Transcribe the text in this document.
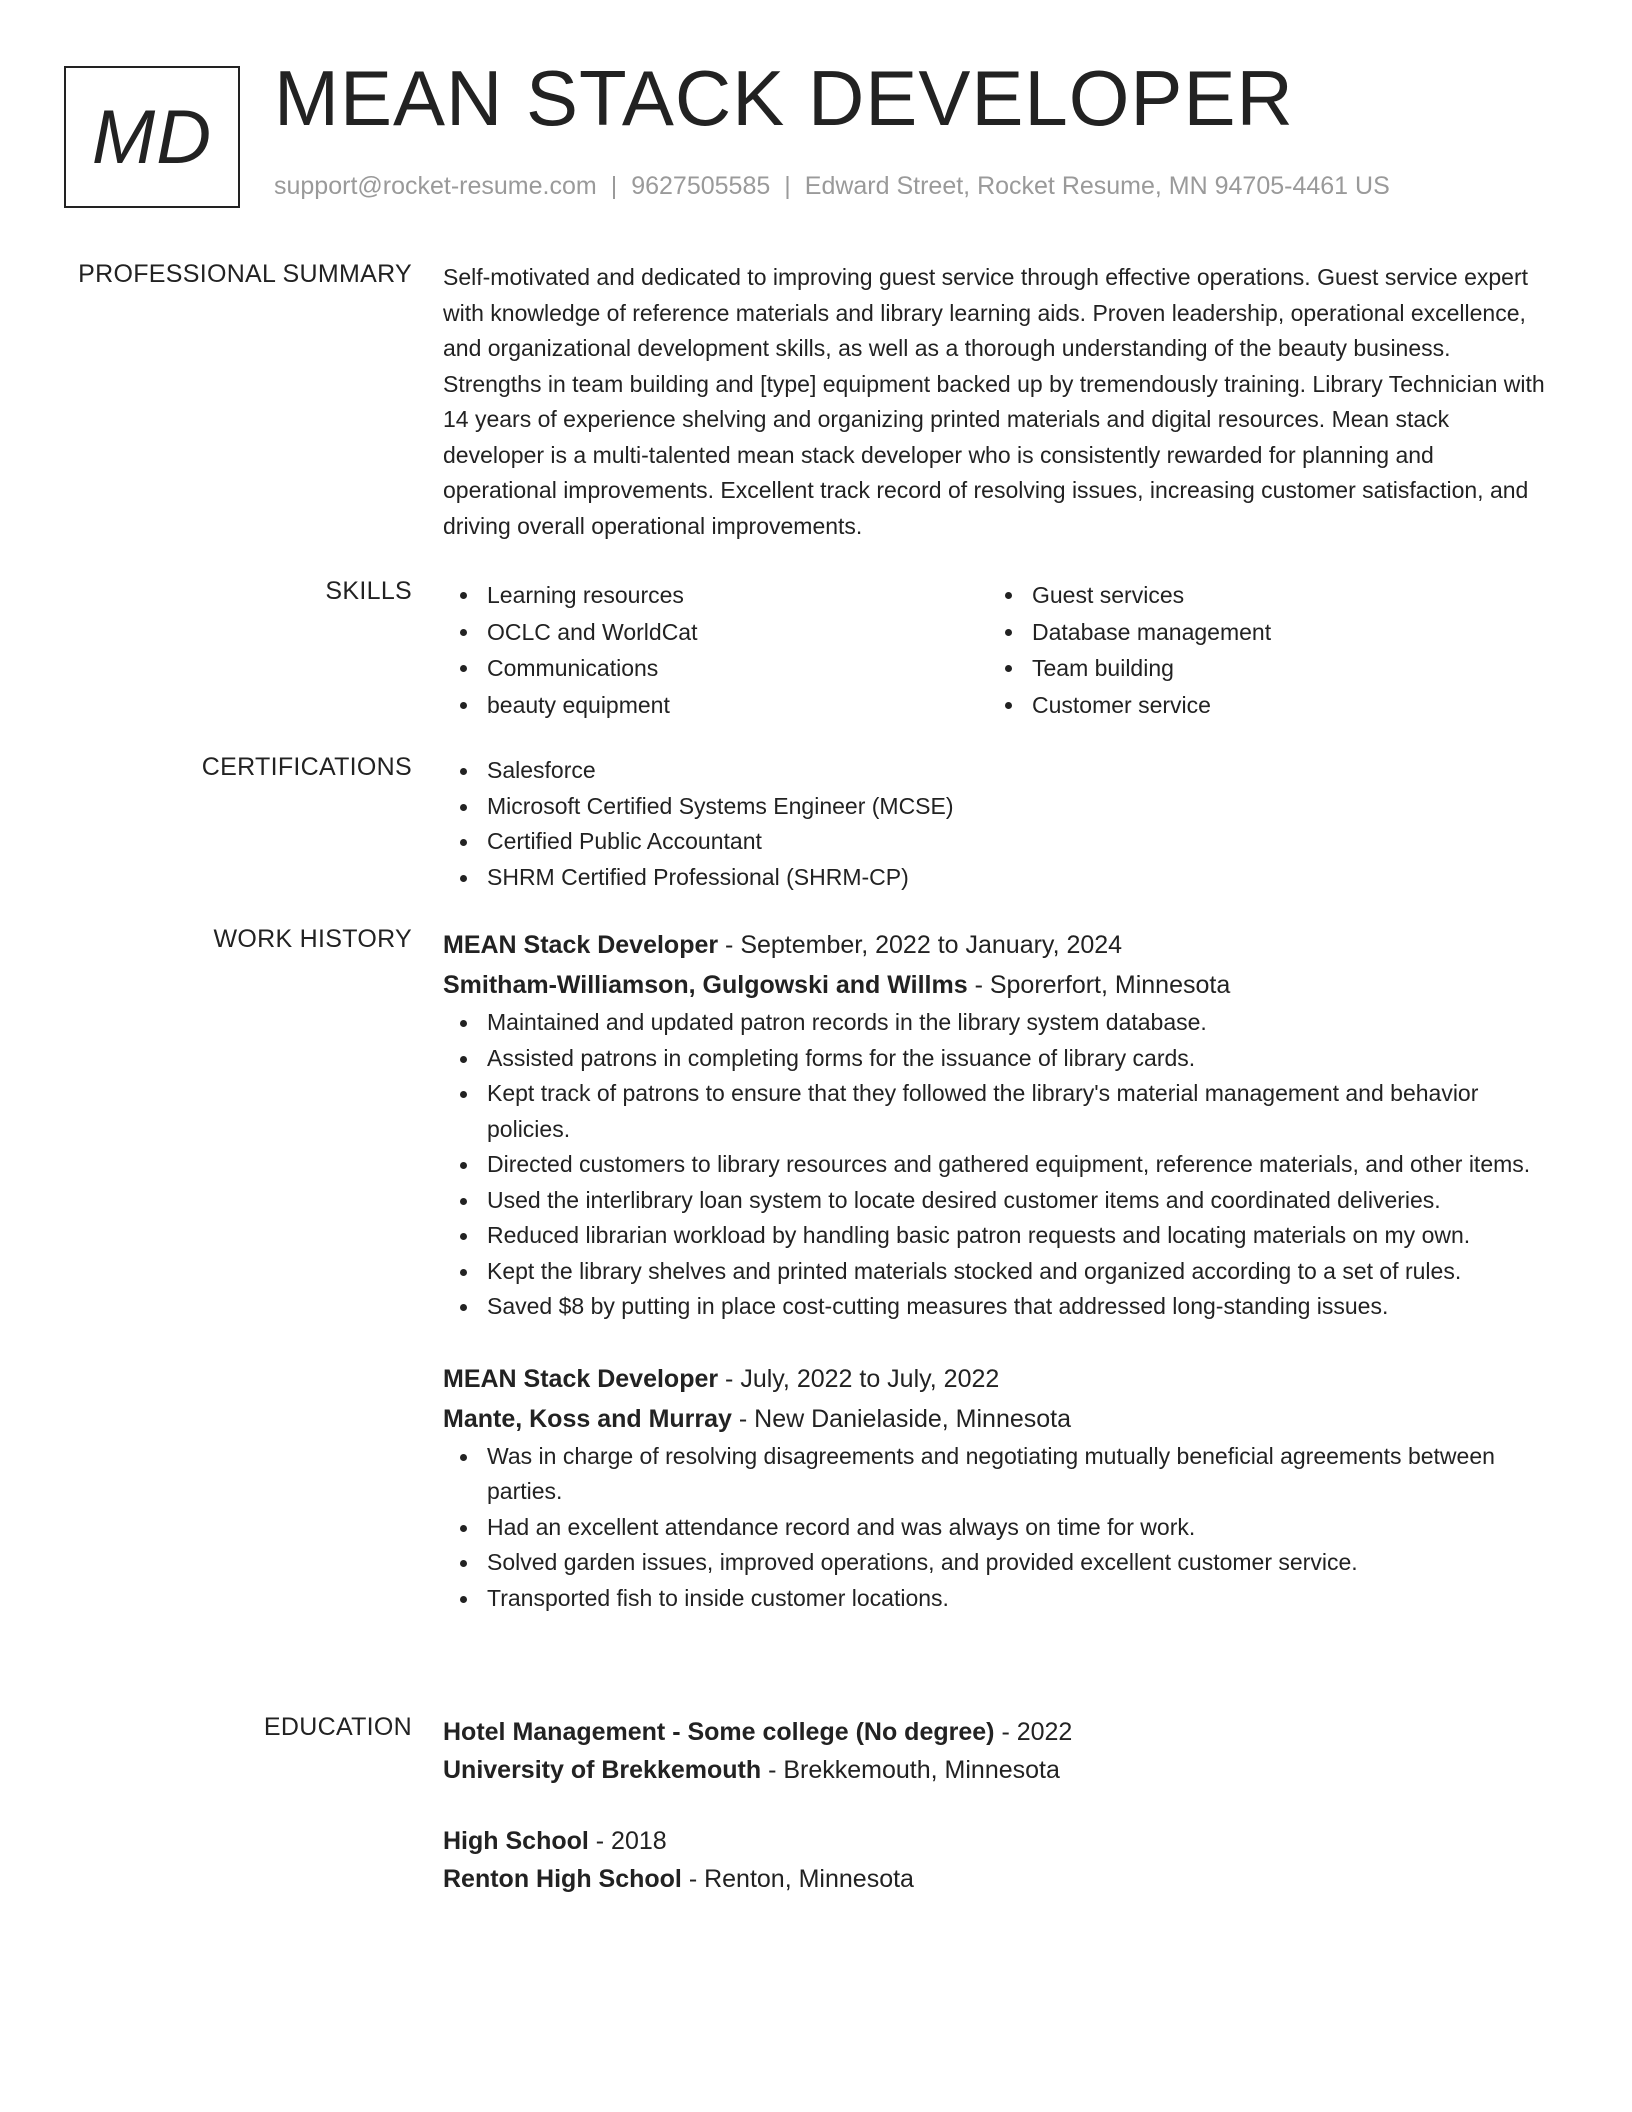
MD MEAN STACK DEVELOPER
support@rocket-resume.com | 9627505585 | Edward Street, Rocket Resume, MN 94705-4461 US
PROFESSIONAL SUMMARY Self-motivated and dedicated to improving guest service through effective operations. Guest service expert with knowledge of reference materials and library learning aids. Proven leadership, operational excellence, and organizational development skills, as well as a thorough understanding of the beauty business. Strengths in team building and [type] equipment backed up by tremendously training. Library Technician with 14 years of experience shelving and organizing printed materials and digital resources. Mean stack developer is a multi-talented mean stack developer who is consistently rewarded for planning and operational improvements. Excellent track record of resolving issues, increasing customer satisfaction, and driving overall operational improvements.

SKILLS	Learning resources
OCLC and WorldCat
Communications
beauty equipment
Guest services
Database management
Team building
Customer service
CERTIFICATIONS	Salesforce
Microsoft Certified Systems Engineer (MCSE)
Certified Public Accountant
SHRM Certified Professional (SHRM-CP)
WORK HISTORY MEAN Stack Developer - September, 2022 to January, 2024
Smitham-Williamson, Gulgowski and Willms - Sporerfort, Minnesota
Maintained and updated patron records in the library system database.
Assisted patrons in completing forms for the issuance of library cards.
Kept track of patrons to ensure that they followed the library's material management and behavior policies.
Directed customers to library resources and gathered equipment, reference materials, and other items.
Used the interlibrary loan system to locate desired customer items and coordinated deliveries.
Reduced librarian workload by handling basic patron requests and locating materials on my own.
Kept the library shelves and printed materials stocked and organized according to a set of rules.
Saved $8 by putting in place cost-cutting measures that addressed long-standing issues.
MEAN Stack Developer - July, 2022 to July, 2022
Mante, Koss and Murray - New Danielaside, Minnesota
Was in charge of resolving disagreements and negotiating mutually beneficial agreements between parties.
Had an excellent attendance record and was always on time for work.
Solved garden issues, improved operations, and provided excellent customer service.
Transported fish to inside customer locations.
EDUCATION Hotel Management - Some college (No degree) - 2022
University of Brekkemouth - Brekkemouth, Minnesota
High School - 2018
Renton High School - Renton, Minnesota
